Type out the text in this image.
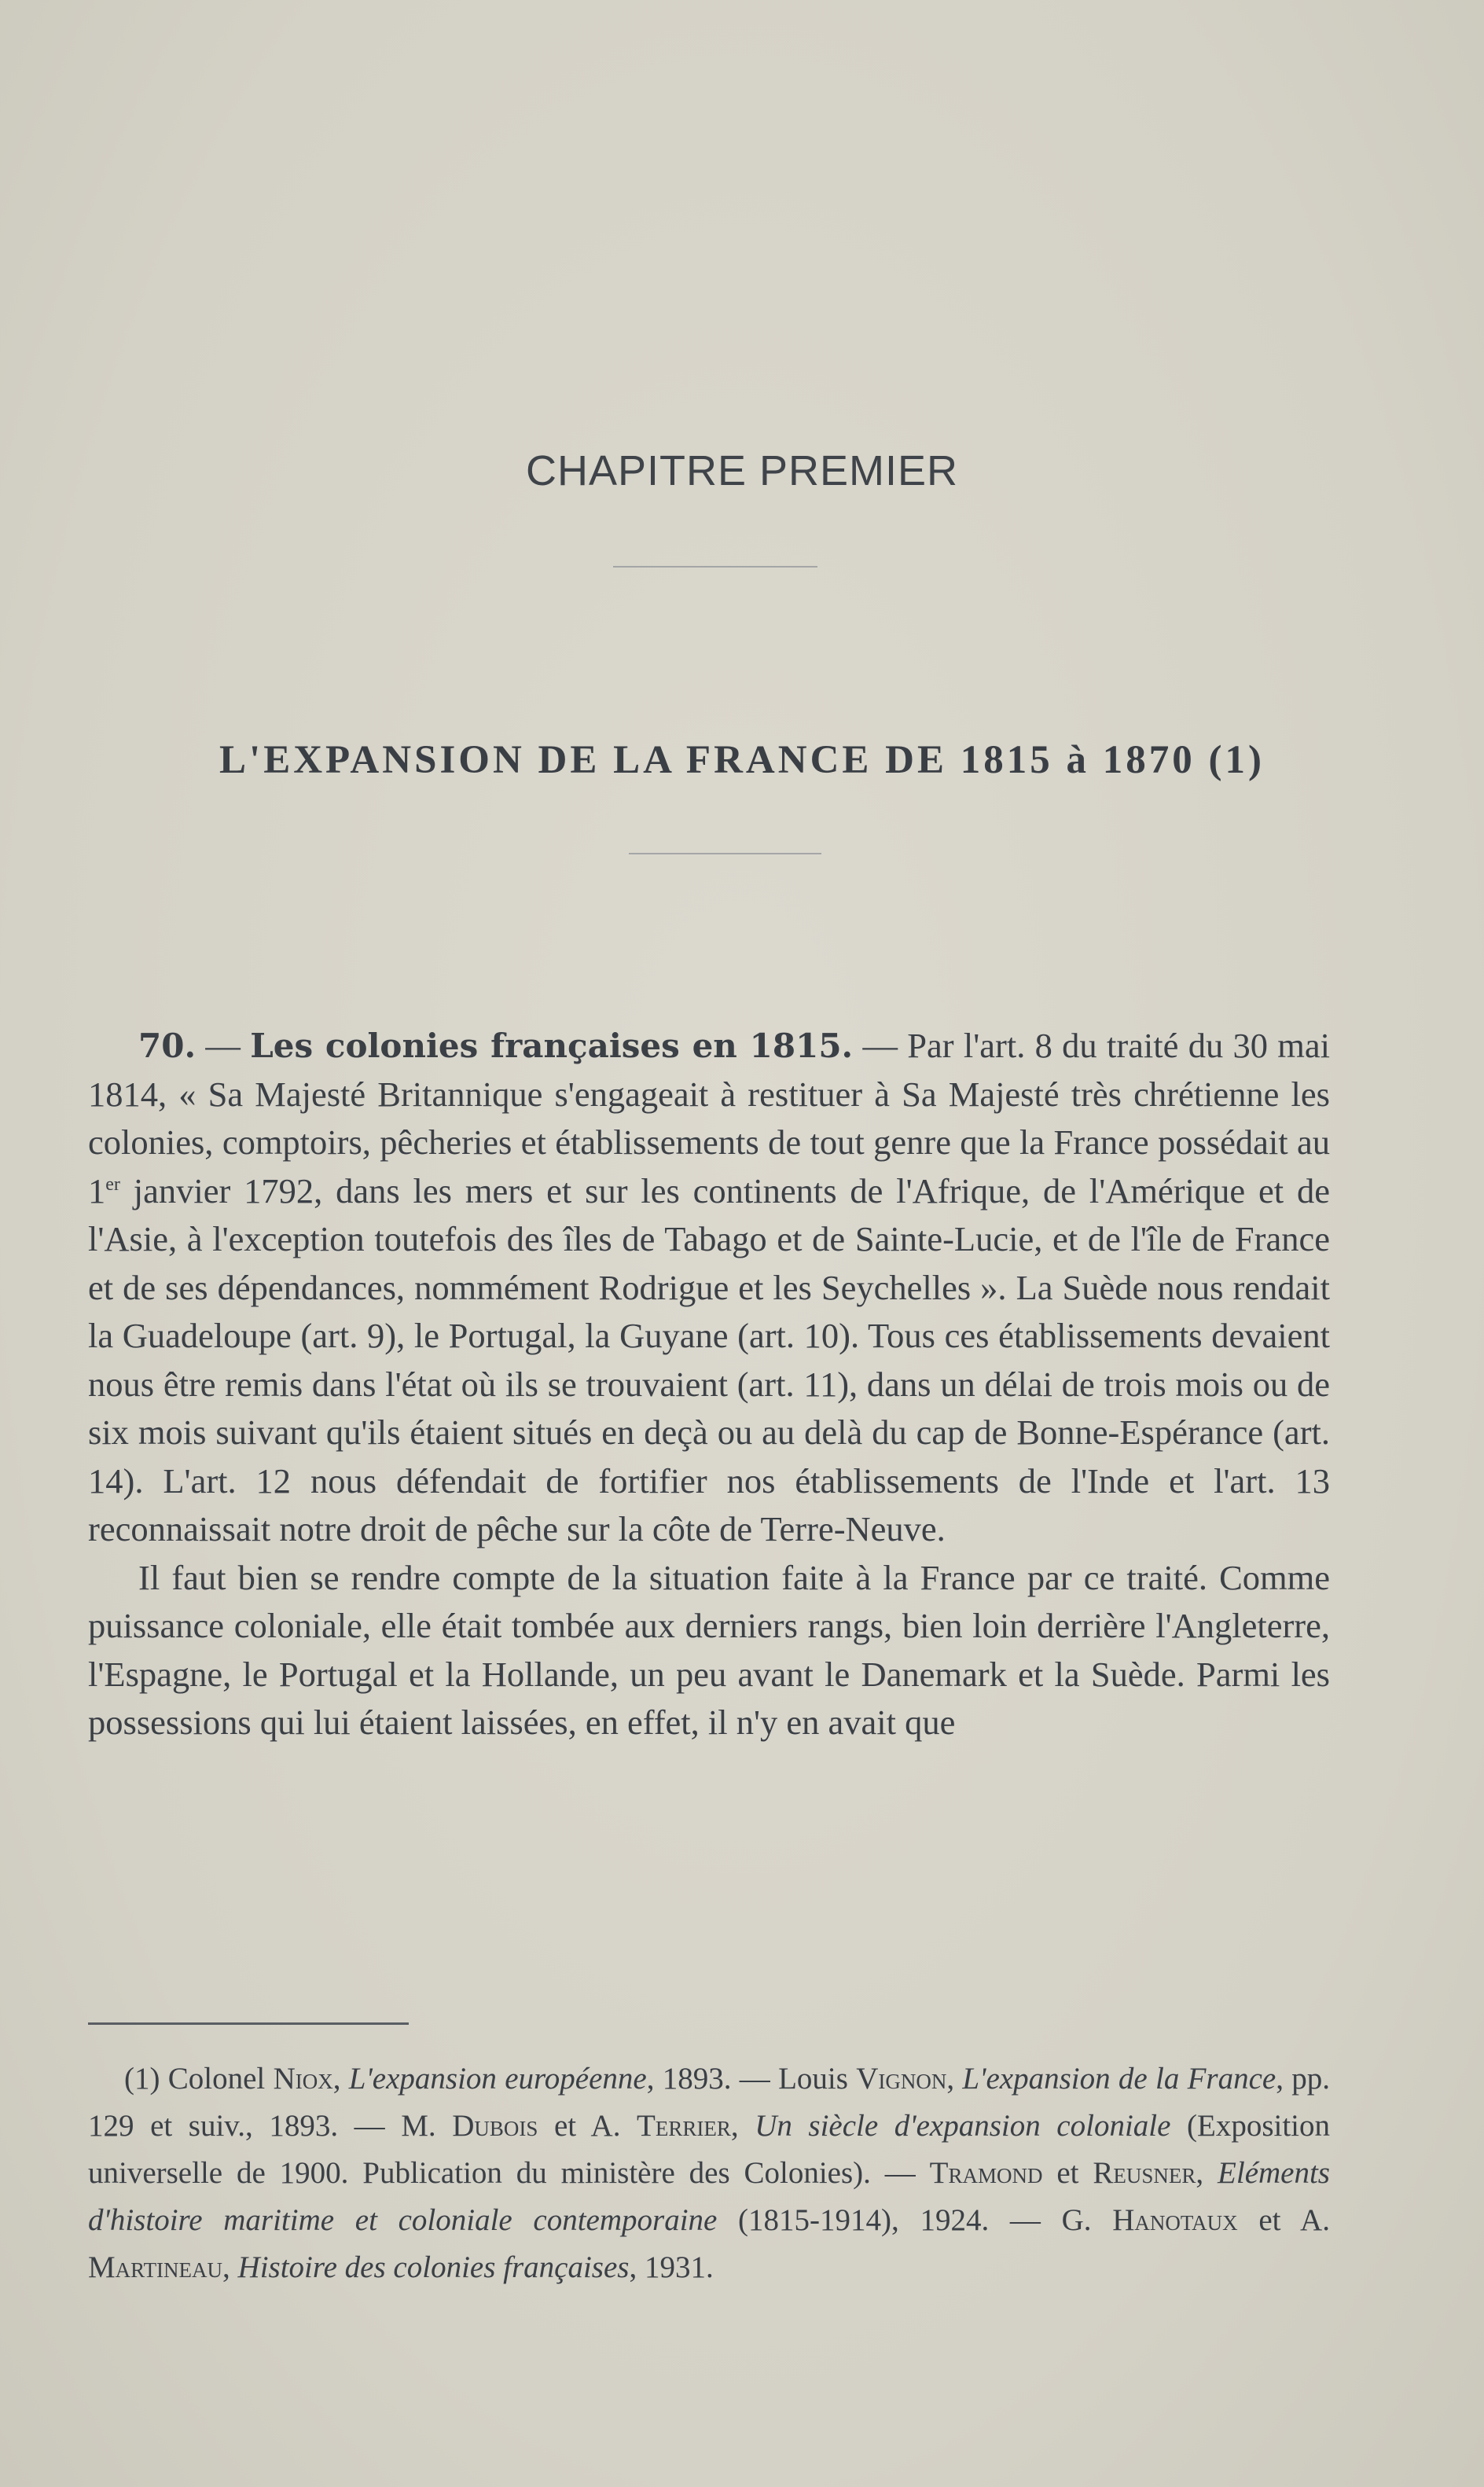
CHAPITRE PREMIER
L'EXPANSION DE LA FRANCE DE 1815 à 1870 (1)

70. — Les colonies françaises en 1815. — Par l'art. 8 du traité du 30 mai 1814, « Sa Majesté Britannique s'engageait à restituer à Sa Majesté très chrétienne les colonies, comptoirs, pêcheries et établissements de tout genre que la France possédait au 1er janvier 1792, dans les mers et sur les continents de l'Afrique, de l'Amérique et de l'Asie, à l'exception toutefois des îles de Tabago et de Sainte-Lucie, et de l'île de France et de ses dépendances, nommément Rodrigue et les Seychelles ». La Suède nous rendait la Guadeloupe (art. 9), le Portugal, la Guyane (art. 10). Tous ces établissements devaient nous être remis dans l'état où ils se trouvaient (art. 11), dans un délai de trois mois ou de six mois suivant qu'ils étaient situés en deçà ou au delà du cap de Bonne-Espérance (art. 14). L'art. 12 nous défendait de fortifier nos établissements de l'Inde et l'art. 13 reconnaissait notre droit de pêche sur la côte de Terre-Neuve.

Il faut bien se rendre compte de la situation faite à la France par ce traité. Comme puissance coloniale, elle était tombée aux derniers rangs, bien loin derrière l'Angleterre, l'Espagne, le Portugal et la Hollande, un peu avant le Danemark et la Suède. Parmi les possessions qui lui étaient laissées, en effet, il n'y en avait que

(1) Colonel Niox, L'expansion européenne, 1893. — Louis Vignon, L'expansion de la France, pp. 129 et suiv., 1893. — M. Dubois et A. Terrier, Un siècle d'expansion coloniale (Exposition universelle de 1900. Publication du ministère des Colonies). — Tramond et Reusner, Eléments d'histoire maritime et coloniale contemporaine (1815-1914), 1924. — G. Hanotaux et A. Martineau, Histoire des colonies françaises, 1931.
